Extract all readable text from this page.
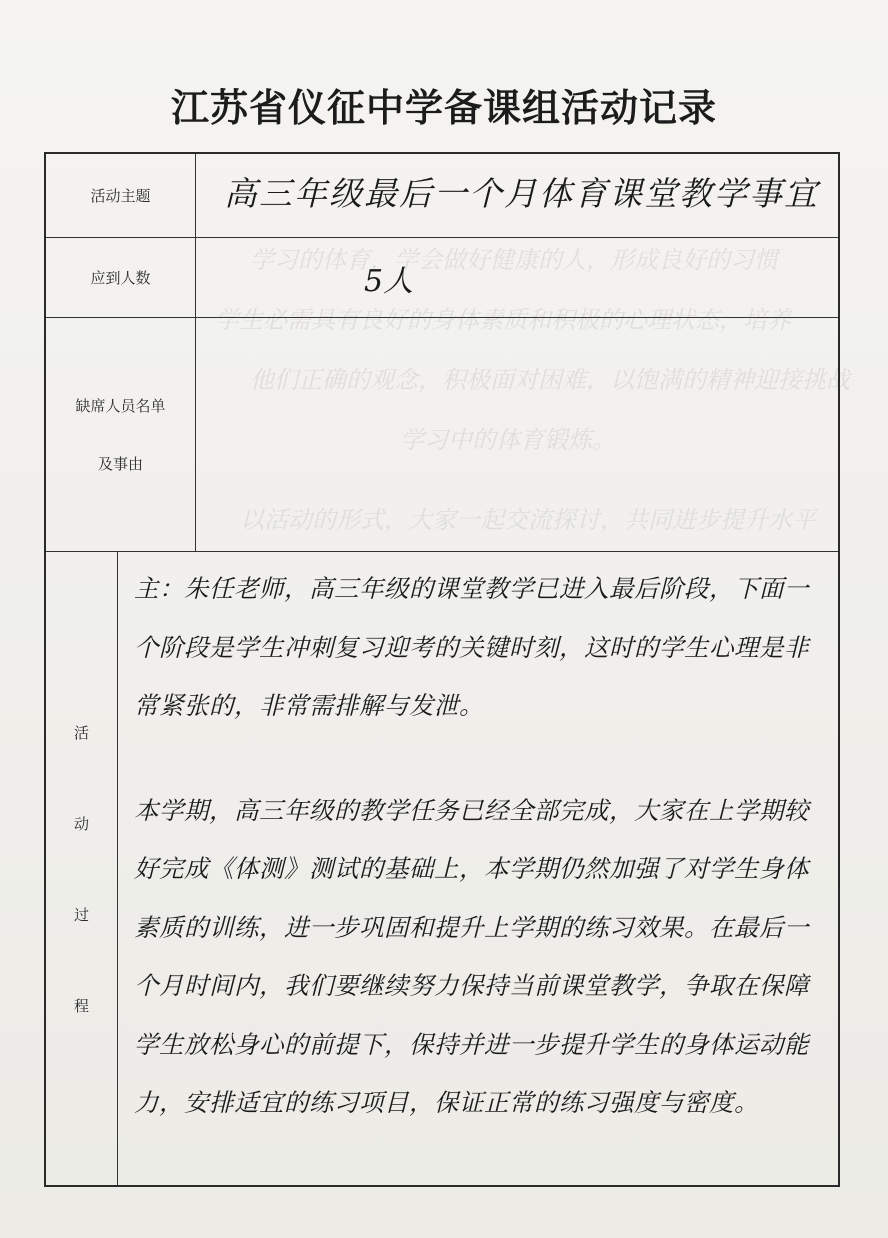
学习的体育，学会做好健康的人，形成良好的习惯
学生必需具有良好的身体素质和积极的心理状态，培养
他们正确的观念，积极面对困难，以饱满的精神迎接挑战
学习中的体育锻炼。
以活动的形式，大家一起交流探讨，共同进步提升水平
江苏省仪征中学备课组活动记录
活动主题	高三年级最后一个月体育课堂教学事宜
应到人数	5人
缺席人员名单
及事由
活
动
过
程

主：朱任老师，高三年级的课堂教学已进入最后阶段，下面一个阶段是学生冲刺复习迎考的关键时刻，这时的学生心理是非常紧张的，非常需排解与发泄。

本学期，高三年级的教学任务已经全部完成，大家在上学期较好完成《体测》测试的基础上，本学期仍然加强了对学生身体素质的训练，进一步巩固和提升上学期的练习效果。在最后一个月时间内，我们要继续努力保持当前课堂教学，争取在保障学生放松身心的前提下，保持并进一步提升学生的身体运动能力，安排适宜的练习项目，保证正常的练习强度与密度。
